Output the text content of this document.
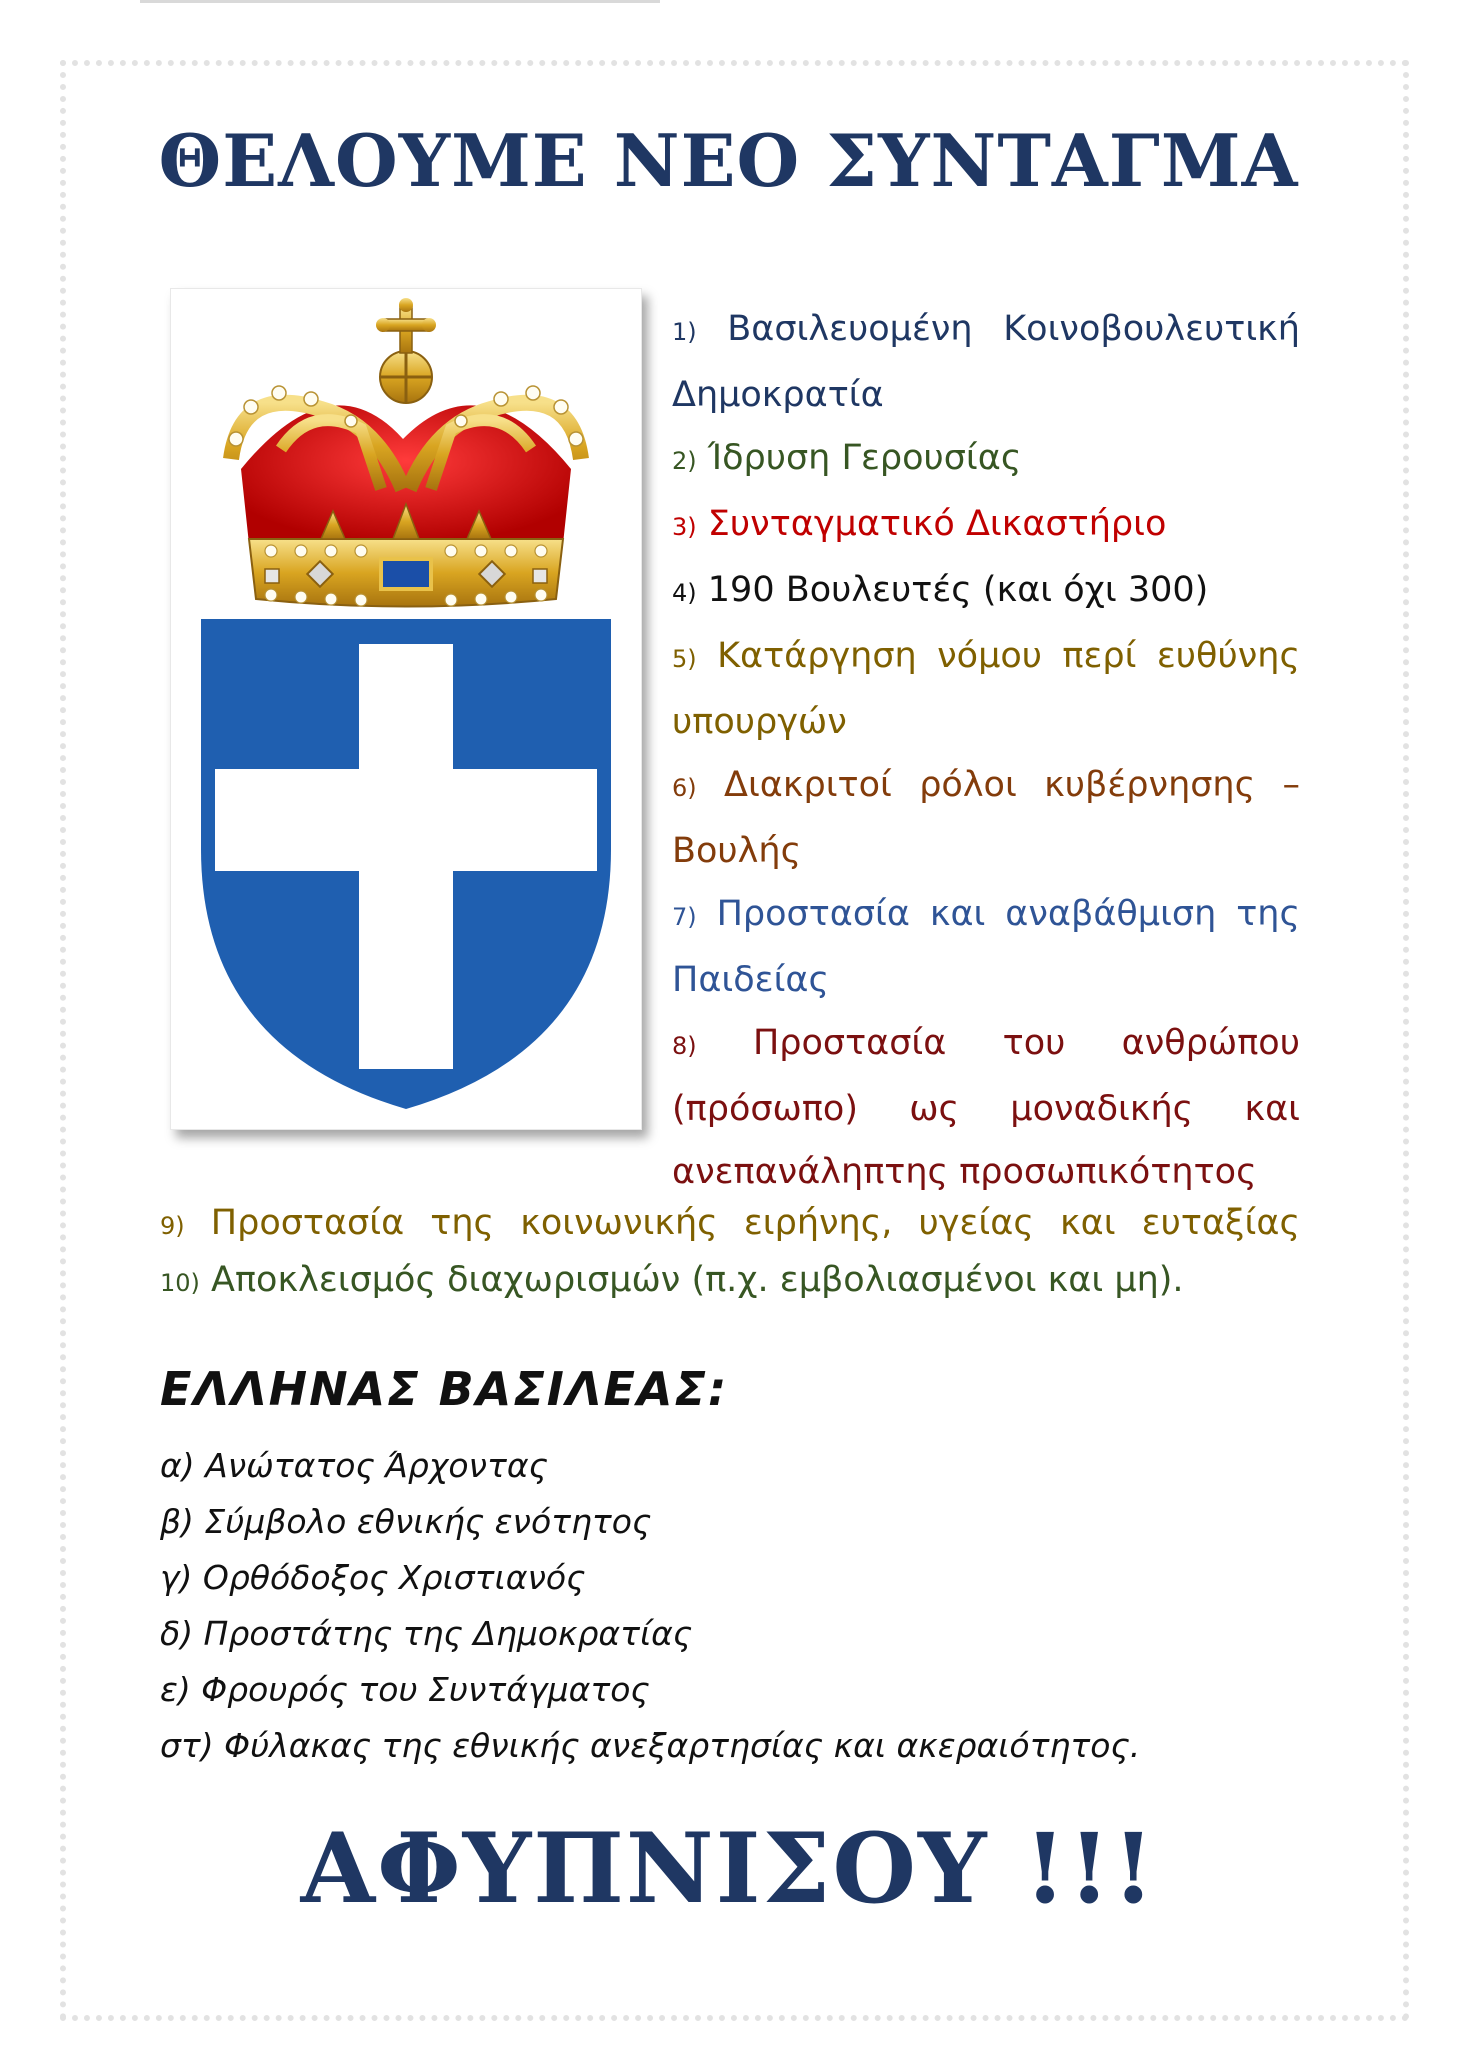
ΘΕΛΟΥΜΕ ΝΕΟ ΣΥΝΤΑΓΜΑ
1) Βασιλευομένη Κοινοβουλευτική Δημοκρατία
2) Ίδρυση Γερουσίας
3) Συνταγματικό Δικαστήριο
4) 190 Βουλευτές (και όχι 300)
5) Κατάργηση νόμου περί ευθύνης υπουργών
6) Διακριτοί ρόλοι κυβέρνησης – Βουλής
7) Προστασία και αναβάθμιση της Παιδείας
8) Προστασία του ανθρώπου (πρόσωπο) ως μοναδικής και ανεπανάληπτης προσωπικότητος
9) Προστασία της κοινωνικής ειρήνης, υγείας και ευταξίας
10) Αποκλεισμός διαχωρισμών (π.χ. εμβολιασμένοι και μη).
ΕΛΛΗΝΑΣ ΒΑΣΙΛΕΑΣ:
α) Ανώτατος Άρχοντας
β) Σύμβολο εθνικής ενότητος
γ) Ορθόδοξος Χριστιανός
δ) Προστάτης της Δημοκρατίας
ε) Φρουρός του Συντάγματος
στ) Φύλακας της εθνικής ανεξαρτησίας και ακεραιότητος.
ΑΦΥΠΝΙΣΟΥ !!!
